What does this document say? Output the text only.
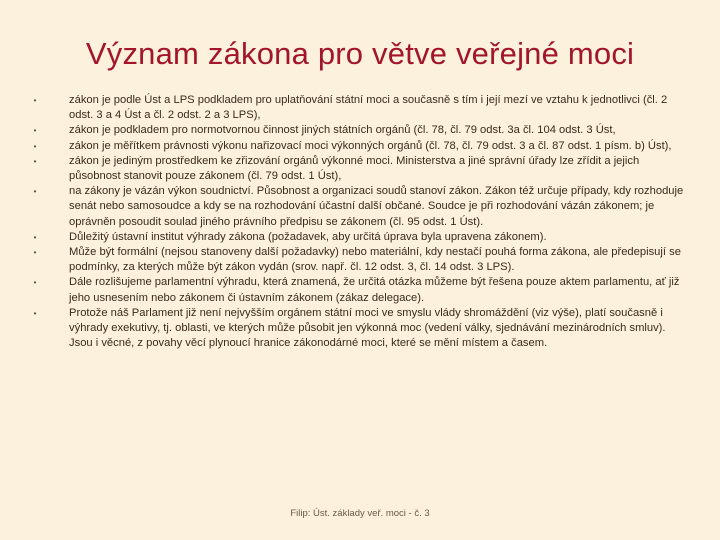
Význam zákona pro větve veřejné moci
•	zákon je podle Úst a LPS podkladem pro uplatňování státní moci a současně s tím i její mezí ve vztahu k jednotlivci (čl. 2 odst. 3 a 4 Úst a čl. 2 odst. 2 a 3 LPS),
•	zákon je podkladem pro normotvornou činnost jiných státních orgánů (čl. 78, čl. 79 odst. 3a čl. 104 odst. 3 Úst,
•	zákon je měřítkem právnosti výkonu nařizovací moci výkonných orgánů (čl. 78, čl. 79 odst. 3 a čl. 87 odst. 1 písm. b) Úst),
•	zákon je jediným prostředkem ke zřizování orgánů výkonné moci. Ministerstva a jiné správní úřady lze zřídit a jejich působnost stanovit pouze zákonem (čl. 79 odst. 1 Úst),
•	na zákony je vázán výkon soudnictví. Působnost a organizaci soudů stanoví zákon. Zákon též určuje případy, kdy rozhoduje senát nebo samosoudce a kdy se na rozhodování účastní další občané. Soudce je při rozhodování vázán zákonem; je oprávněn posoudit soulad jiného právního předpisu se zákonem (čl. 95 odst. 1 Úst).
•	Důležitý ústavní institut výhrady zákona (požadavek, aby určitá úprava byla upravena zákonem).
•	Může být formální (nejsou stanoveny další požadavky) nebo materiální, kdy nestačí pouhá forma zákona, ale předepisují se podmínky, za kterých může být zákon vydán (srov. např. čl. 12 odst. 3, čl. 14 odst. 3 LPS).
•	Dále rozlišujeme parlamentní výhradu, která znamená, že určitá otázka můžeme být řešena pouze aktem parlamentu, ať již jeho usnesením nebo zákonem či ústavním zákonem (zákaz delegace).
•	Protože náš Parlament již není nejvyšším orgánem státní moci ve smyslu vlády shromáždění (viz výše), platí současně i výhrady exekutivy, tj. oblasti, ve kterých může působit jen výkonná moc (vedení války, sjednávání mezinárodních smluv). Jsou i věcné, z povahy věcí plynoucí hranice zákonodárné moci, které se mění místem a časem.
Filip: Úst. základy veř. moci - č. 3
